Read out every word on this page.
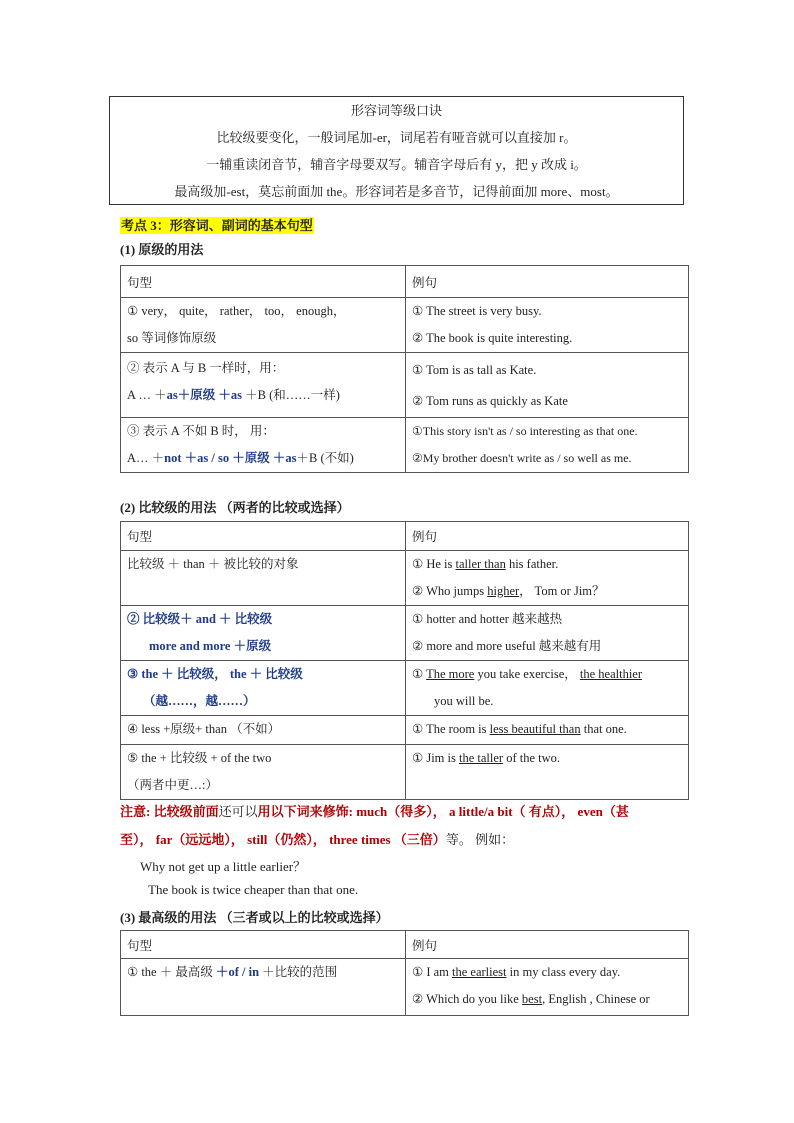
形容词等级口诀
比较级要变化，一般词尾加-er，词尾若有哑音就可以直接加 r。
一辅重读闭音节，辅音字母要双写。辅音字母后有 y，把 y 改成 i。
最高级加-est，莫忘前面加 the。形容词若是多音节，记得前面加 more、most。
考点 3：形容词、副词的基本句型
(1) 原级的用法
句型	例句

① very， quite， rather， too， enough，
so 等词修饰原级	① The street is very busy.
② The book is quite interesting.

② 表示 A 与 B 一样时，用：
A … ＋as＋原级 ＋as ＋B (和……一样)	① Tom is as tall as Kate.
② Tom runs as quickly as Kate

③ 表示 A 不如 B 时， 用：
A… ＋not ＋as / so ＋原级 ＋as＋B (不如)	①This story isn't as / so interesting as that one.
②My brother doesn't write as / so well as me.
(2) 比较级的用法 （两者的比较或选择）
句型	例句

比较级 ＋ than ＋ 被比较的对象	① He is taller than his father.
② Who jumps higher， Tom or Jim？

② 比较级＋ and ＋ 比较级
more and more ＋原级	① hotter and hotter 越来越热
② more and more useful 越来越有用

③ the ＋ 比较级， the ＋ 比较级
（越……，越……）	① The more you take exercise， the healthier
you will be.

④ less +原级+ than （不如）	① The room is less beautiful than that one.

⑤ the + 比较级 + of the two
（两者中更…:）	① Jim is the taller of the two.
注意: 比较级前面还可以用以下词来修饰: much（得多）， a little/a bit（ 有点）， even（甚
至）， far（远远地）， still（仍然）， three times （三倍）等。 例如：
Why not get up a little earlier？
The book is twice cheaper than that one.
(3) 最高级的用法 （三者或以上的比较或选择）
句型	例句

① the ＋ 最高级 ＋of / in ＋比较的范围	① I am the earliest in my class every day.
② Which do you like best, English , Chinese or
